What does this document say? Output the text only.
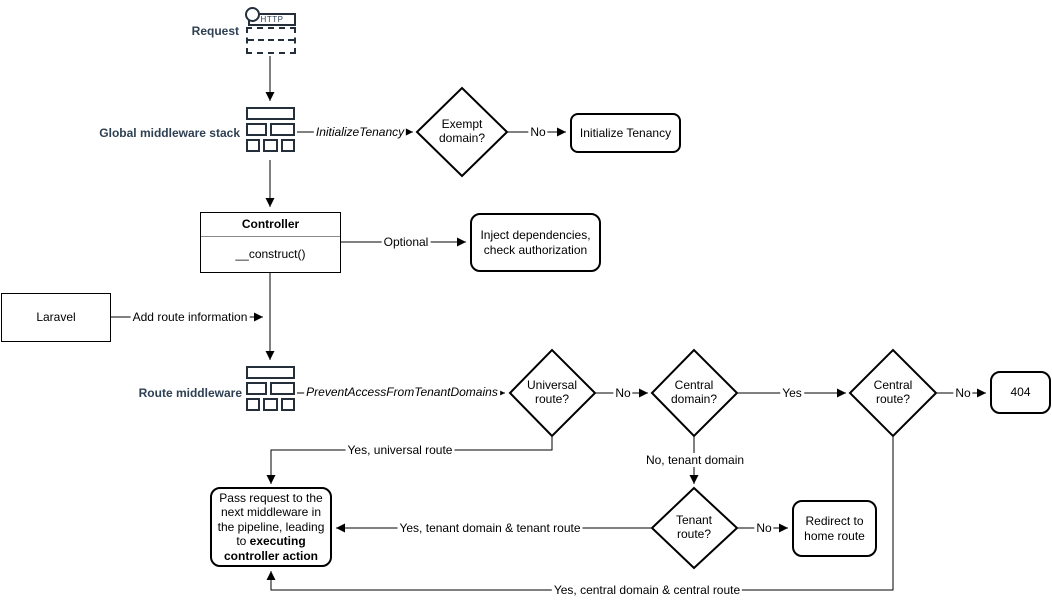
HTTP
Request
Global middleware stack
Route middleware
Initialize Tenancy
Controller
__construct()
Inject dependencies, check authorization
Laravel
404
Redirect to home route
Pass request to the next middleware in the pipeline, leading to executing controller action
Exempt domain?
Universal route?
Central domain?
Central route?
Tenant route?
InitializeTenancy	No
Optional
Add route information
PreventAccessFromTenantDomains	No	Yes	No
Yes, universal route
No, tenant domain
No
Yes, tenant domain & tenant route
Yes, central domain & central route
